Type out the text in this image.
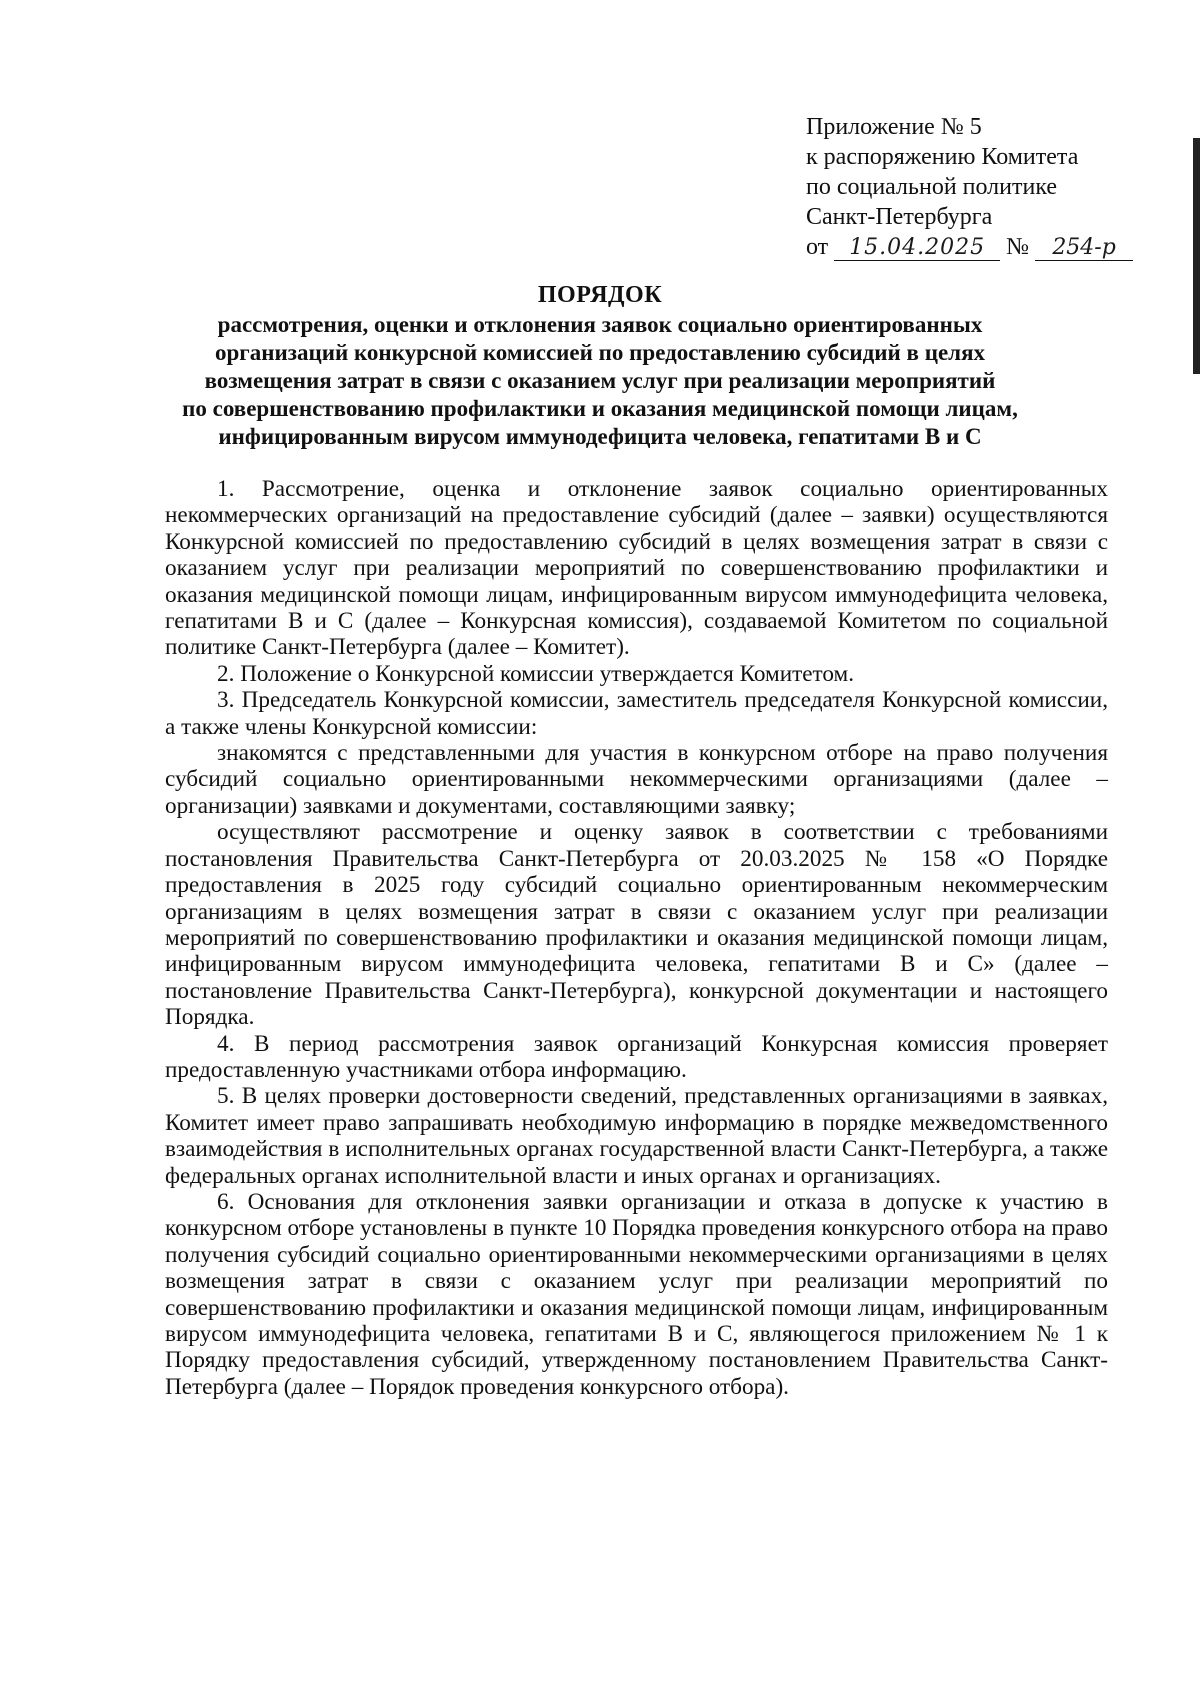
Приложение № 5
к распоряжению Комитета
по социальной политике
Санкт-Петербурга
от 15.04.2025 № 254-р
ПОРЯДОК
рассмотрения, оценки и отклонения заявок социально ориентированных
организаций конкурсной комиссией по предоставлению субсидий в целях
возмещения затрат в связи с оказанием услуг при реализации мероприятий
по совершенствованию профилактики и оказания медицинской помощи лицам,
инфицированным вирусом иммунодефицита человека, гепатитами B и C

1. Рассмотрение, оценка и отклонение заявок социально ориентированных некоммерческих организаций на предоставление субсидий (далее – заявки) осуществляются Конкурсной комиссией по предоставлению субсидий в целях возмещения затрат в связи с оказанием услуг при реализации мероприятий по совершенствованию профилактики и оказания медицинской помощи лицам, инфицированным вирусом иммунодефицита человека, гепатитами B и C (далее – Конкурсная комиссия), создаваемой Комитетом по социальной политике Санкт-Петербурга (далее – Комитет).

2. Положение о Конкурсной комиссии утверждается Комитетом.

3. Председатель Конкурсной комиссии, заместитель председателя Конкурсной комиссии, а также члены Конкурсной комиссии:

знакомятся с представленными для участия в конкурсном отборе на право получения субсидий социально ориентированными некоммерческими организациями (далее – организации) заявками и документами, составляющими заявку;

осуществляют рассмотрение и оценку заявок в соответствии с требованиями постановления Правительства Санкт-Петербурга от 20.03.2025 № 158 «О Порядке предоставления в 2025 году субсидий социально ориентированным некоммерческим организациям в целях возмещения затрат в связи с оказанием услуг при реализации мероприятий по совершенствованию профилактики и оказания медицинской помощи лицам, инфицированным вирусом иммунодефицита человека, гепатитами B и C» (далее – постановление Правительства Санкт-Петербурга), конкурсной документации и настоящего Порядка.

4. В период рассмотрения заявок организаций Конкурсная комиссия проверяет предоставленную участниками отбора информацию.

5. В целях проверки достоверности сведений, представленных организациями в заявках, Комитет имеет право запрашивать необходимую информацию в порядке межведомственного взаимодействия в исполнительных органах государственной власти Санкт-Петербурга, а также федеральных органах исполнительной власти и иных органах и организациях.

6. Основания для отклонения заявки организации и отказа в допуске к участию в конкурсном отборе установлены в пункте 10 Порядка проведения конкурсного отбора на право получения субсидий социально ориентированными некоммерческими организациями в целях возмещения затрат в связи с оказанием услуг при реализации мероприятий по совершенствованию профилактики и оказания медицинской помощи лицам, инфицированным вирусом иммунодефицита человека, гепатитами B и C, являющегося приложением № 1 к Порядку предоставления субсидий, утвержденному постановлением Правительства Санкт-Петербурга (далее – Порядок проведения конкурсного отбора).
